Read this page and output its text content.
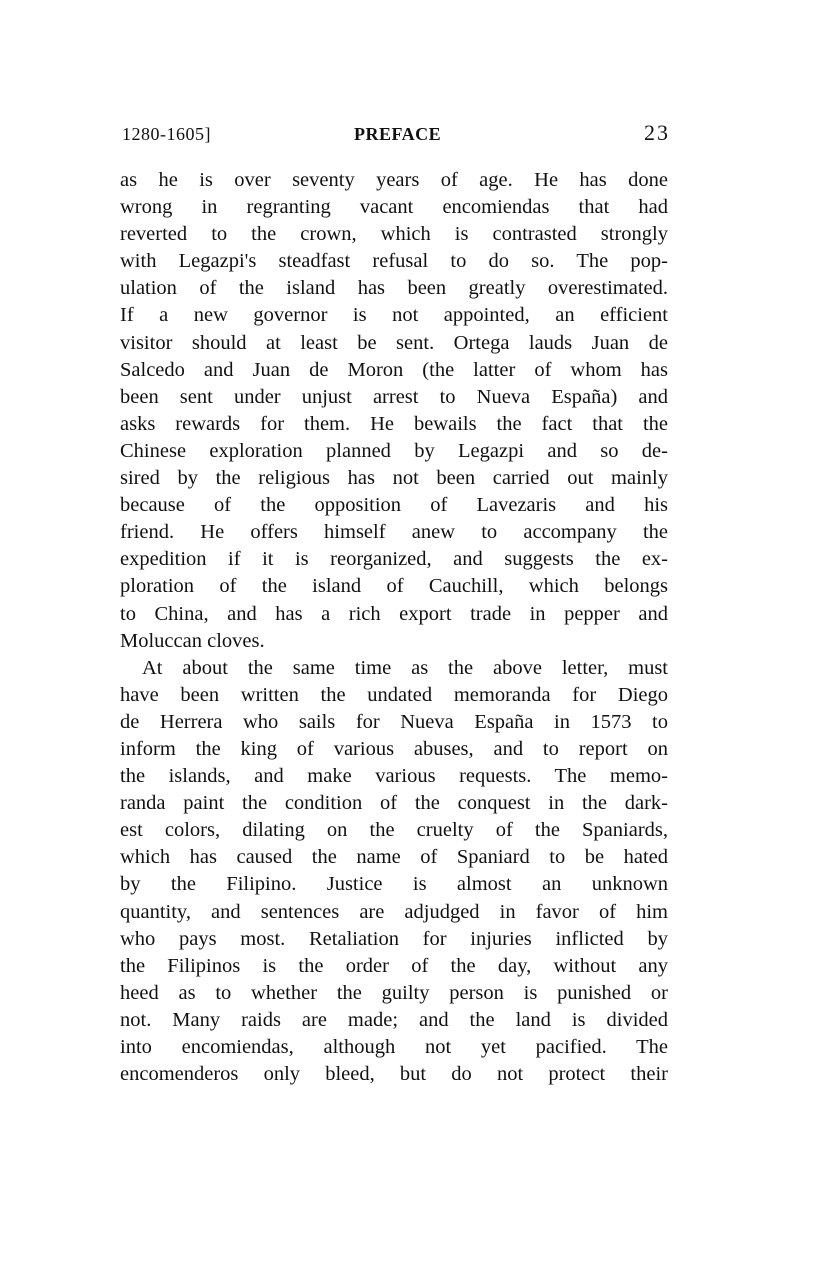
1280-1605]	PREFACE	23
as he is over seventy years of age. He has done
wrong in regranting vacant encomiendas that had
reverted to the crown, which is contrasted strongly
with Legazpi's steadfast refusal to do so. The pop-
ulation of the island has been greatly overestimated.
If a new governor is not appointed, an efficient
visitor should at least be sent. Ortega lauds Juan de
Salcedo and Juan de Moron (the latter of whom has
been sent under unjust arrest to Nueva España) and
asks rewards for them. He bewails the fact that the
Chinese exploration planned by Legazpi and so de-
sired by the religious has not been carried out mainly
because of the opposition of Lavezaris and his
friend. He offers himself anew to accompany the
expedition if it is reorganized, and suggests the ex-
ploration of the island of Cauchill, which belongs
to China, and has a rich export trade in pepper and
Moluccan cloves.
At about the same time as the above letter, must
have been written the undated memoranda for Diego
de Herrera who sails for Nueva España in 1573 to
inform the king of various abuses, and to report on
the islands, and make various requests. The memo-
randa paint the condition of the conquest in the dark-
est colors, dilating on the cruelty of the Spaniards,
which has caused the name of Spaniard to be hated
by the Filipino. Justice is almost an unknown
quantity, and sentences are adjudged in favor of him
who pays most. Retaliation for injuries inflicted by
the Filipinos is the order of the day, without any
heed as to whether the guilty person is punished or
not. Many raids are made; and the land is divided
into encomiendas, although not yet pacified. The
encomenderos only bleed, but do not protect their
